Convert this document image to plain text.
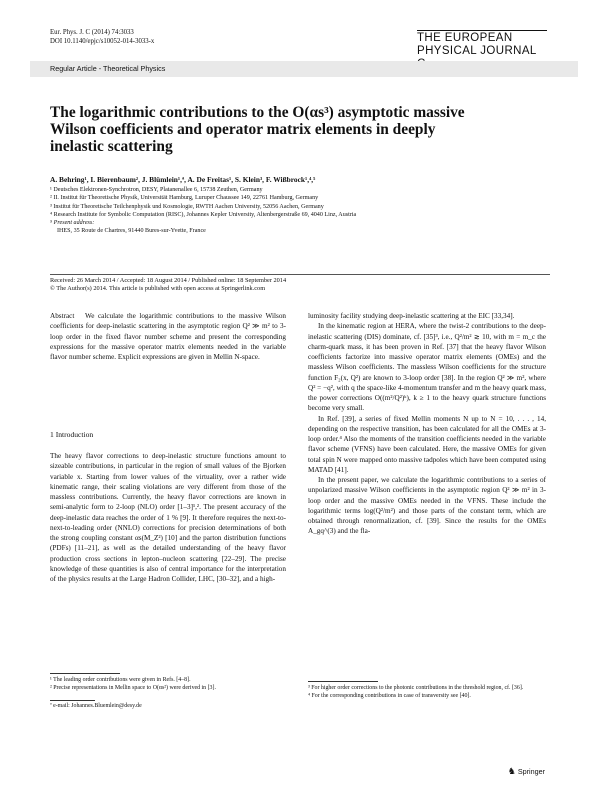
Eur. Phys. J. C (2014) 74:3033
DOI 10.1140/epjc/s10052-014-3033-x	THE EUROPEAN
PHYSICAL JOURNAL
Regular Article - Theoretical Physics
The logarithmic contributions to the O(αs³) asymptotic massive
Wilson coefficients and operator matrix elements in deeply
inelastic scattering
A. Behring¹, I. Bierenbaum², J. Blümlein¹,ª, A. De Freitas¹, S. Klein³, F. Wißbrock¹,⁴,⁵
¹ Deutsches Elektronen-Synchrotron, DESY, Platanenallee 6, 15738 Zeuthen, Germany
² II. Institut für Theoretische Physik, Universität Hamburg, Luruper Chaussee 149, 22761 Hamburg, Germany
³ Institut für Theoretische Teilchenphysik und Kosmologie, RWTH Aachen University, 52056 Aachen, Germany
⁴ Research Institute for Symbolic Computation (RISC), Johannes Kepler University, Altenbergerstraße 69, 4040 Linz, Austria
⁵ Present address:
IHES, 35 Route de Chartres, 91440 Bures-sur-Yvette, France
Received: 26 March 2014 / Accepted: 18 August 2014 / Published online: 18 September 2014
© The Author(s) 2014. This article is published with open access at Springerlink.com

Abstract We calculate the logarithmic contributions to the massive Wilson coefficients for deep-inelastic scattering in the asymptotic region Q² ≫ m² to 3-loop order in the fixed flavor number scheme and present the corresponding expressions for the massive operator matrix elements needed in the variable flavor number scheme. Explicit expressions are given in Mellin N-space.

1 Introduction

The heavy flavor corrections to deep-inelastic structure functions amount to sizeable contributions, in particular in the region of small values of the Bjorken variable x. Starting from lower values of the virtuality, over a rather wide kinematic range, their scaling violations are very different from those of the massless contributions. Currently, the heavy flavor corrections are known in semi-analytic form to 2-loop (NLO) order [1–3]¹,². The present accuracy of the deep-inelastic data reaches the order of 1 % [9]. It therefore requires the next-to-next-to-leading order (NNLO) corrections for precision determinations of both the strong coupling constant αs(M_Z²) [10] and the parton distribution functions (PDFs) [11–21], as well as the detailed understanding of the heavy flavor production cross sections in lepton–nucleon scattering [22–29]. The precise knowledge of these quantities is also of central importance for the interpretation of the physics results at the Large Hadron Collider, LHC, [30–32], and a high-

¹ The leading order contributions were given in Refs. [4–8].
² Precise representations in Mellin space to O(αs²) were derived in [3].
ª e-mail: Johannes.Bluemlein@desy.de

luminosity facility studying deep-inelastic scattering at the EIC [33,34].

In the kinematic region at HERA, where the twist-2 contributions to the deep-inelastic scattering (DIS) dominate, cf. [35]³, i.e., Q²/m² ≳ 10, with m = m_c the charm-quark mass, it has been proven in Ref. [37] that the heavy flavor Wilson coefficients factorize into massive operator matrix elements (OMEs) and the massless Wilson coefficients. The massless Wilson coefficients for the structure function F₂(x, Q²) are known to 3-loop order [38]. In the region Q² ≫ m², where Q² = −q², with q the space-like 4-momentum transfer and m the heavy quark mass, the power corrections O((m²/Q²)ᵏ), k ≥ 1 to the heavy quark structure functions become very small.

In Ref. [39], a series of fixed Mellin moments N up to N = 10, . . . , 14, depending on the respective transition, has been calculated for all the OMEs at 3-loop order.⁴ Also the moments of the transition coefficients needed in the variable flavor scheme (VFNS) have been calculated. Here, the massive OMEs for given total spin N were mapped onto massive tadpoles which have been computed using MATAD [41].

In the present paper, we calculate the logarithmic contributions to a series of unpolarized massive Wilson coefficients in the asymptotic region Q² ≫ m² in 3-loop order and the massive OMEs needed in the VFNS. These include the logarithmic terms log(Q²/m²) and those parts of the constant term, which are obtained through renormalization, cf. [39]. Since the results for the OMEs A_gq^(3) and the fla-

³ For higher order corrections to the photonic contributions in the threshold region, cf. [36].
⁴ For the corresponding contributions in case of transversity see [40].
♞ Springer
